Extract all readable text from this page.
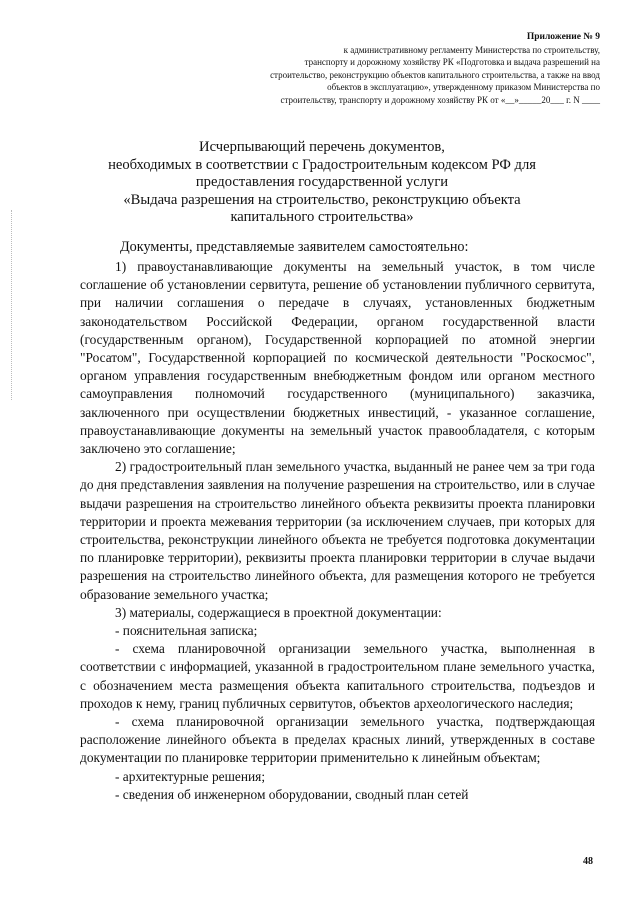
Приложение № 9
к административному регламенту Министерства по строительству,
транспорту и дорожному хозяйству РК «Подготовка и выдача разрешений на
строительство, реконструкцию объектов капитального строительства, а также на ввод
объектов в эксплуатацию», утвержденному приказом Министерства по
строительству, транспорту и дорожному хозяйству РК от «__»_____20___ г. N ____
Исчерпывающий перечень документов,
необходимых в соответствии с Градостроительным кодексом РФ для
предоставления государственной услуги
«Выдача разрешения на строительство, реконструкцию объекта
капитального строительства»
Документы, представляемые заявителем самостоятельно:

1) правоустанавливающие документы на земельный участок, в том числе соглашение об установлении сервитута, решение об установлении публичного сервитута, при наличии соглашения о передаче в случаях, установленных бюджетным законодательством Российской Федерации, органом государственной власти (государственным органом), Государственной корпорацией по атомной энергии "Росатом", Государственной корпорацией по космической деятельности "Роскосмос", органом управления государственным внебюджетным фондом или органом местного самоуправления полномочий государственного (муниципального) заказчика, заключенного при осуществлении бюджетных инвестиций, - указанное соглашение, правоустанавливающие документы на земельный участок правообладателя, с которым заключено это соглашение;

2) градостроительный план земельного участка, выданный не ранее чем за три года до дня представления заявления на получение разрешения на строительство, или в случае выдачи разрешения на строительство линейного объекта реквизиты проекта планировки территории и проекта межевания территории (за исключением случаев, при которых для строительства, реконструкции линейного объекта не требуется подготовка документации по планировке территории), реквизиты проекта планировки территории в случае выдачи разрешения на строительство линейного объекта, для размещения которого не требуется образование земельного участка;

3) материалы, содержащиеся в проектной документации:

- пояснительная записка;

- схема планировочной организации земельного участка, выполненная в соответствии с информацией, указанной в градостроительном плане земельного участка, с обозначением места размещения объекта капитального строительства, подъездов и проходов к нему, границ публичных сервитутов, объектов археологического наследия;

- схема планировочной организации земельного участка, подтверждающая расположение линейного объекта в пределах красных линий, утвержденных в составе документации по планировке территории применительно к линейным объектам;

- архитектурные решения;

- сведения об инженерном оборудовании, сводный план сетей

48
